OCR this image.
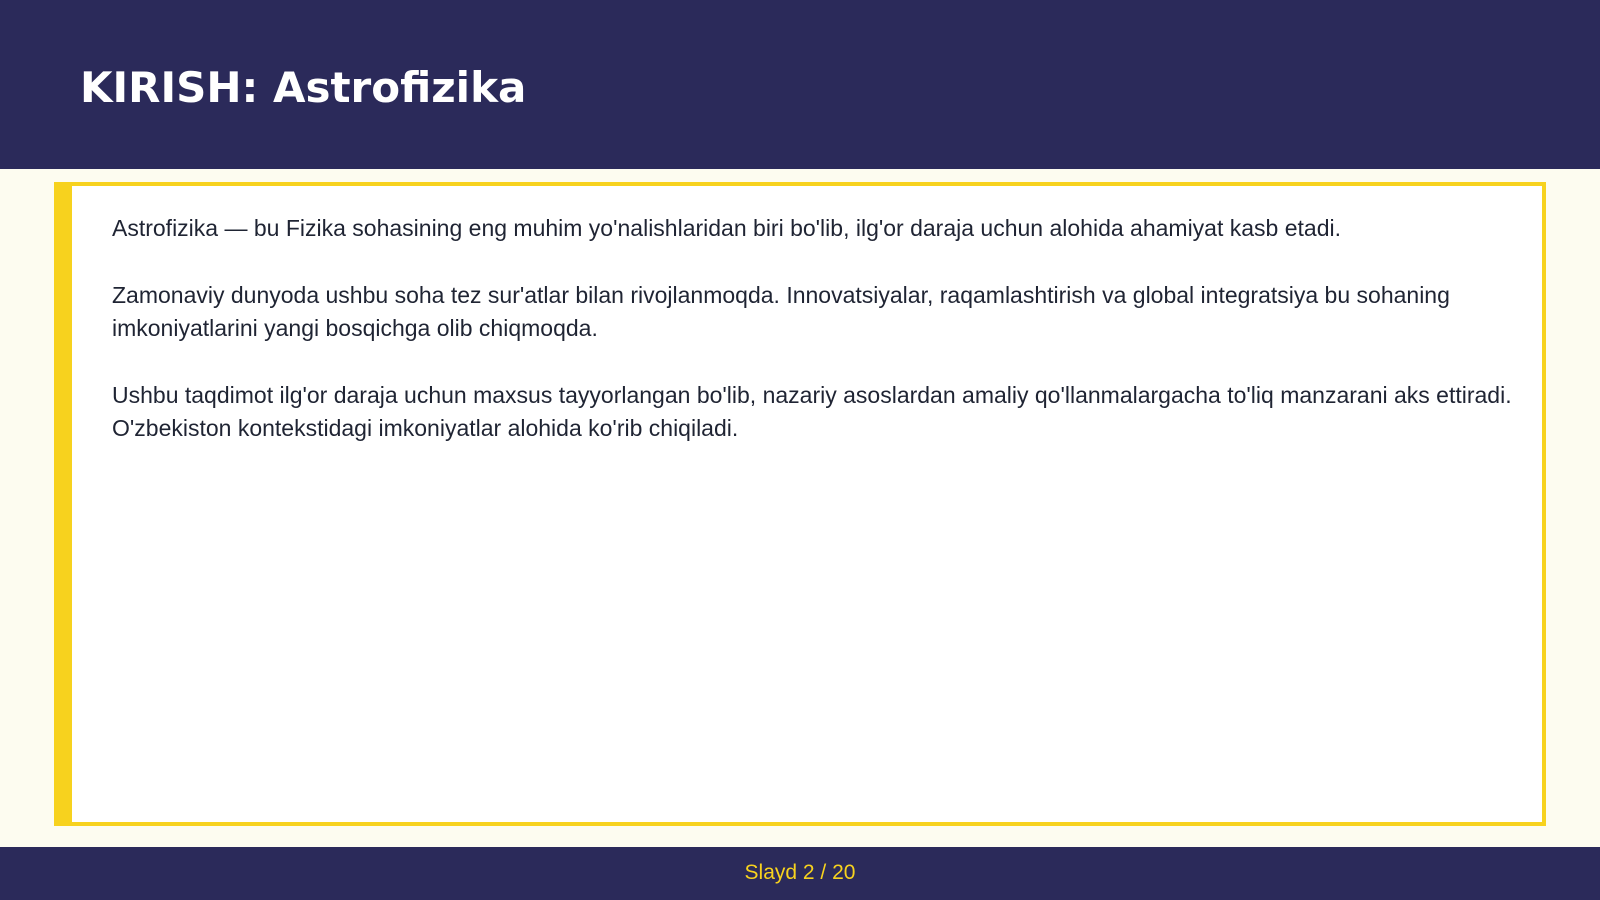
KIRISH: Astrofizika

Astrofizika — bu Fizika sohasining eng muhim yo'nalishlaridan biri bo'lib, ilg'or daraja uchun alohida ahamiyat kasb etadi.

Zamonaviy dunyoda ushbu soha tez sur'atlar bilan rivojlanmoqda. Innovatsiyalar, raqamlashtirish va global integratsiya bu sohaning imkoniyatlarini yangi bosqichga olib chiqmoqda.

Ushbu taqdimot ilg'or daraja uchun maxsus tayyorlangan bo'lib, nazariy asoslardan amaliy qo'llanmalargacha to'liq manzarani aks ettiradi. O'zbekiston kontekstidagi imkoniyatlar alohida ko'rib chiqiladi.

Slayd 2 / 20
